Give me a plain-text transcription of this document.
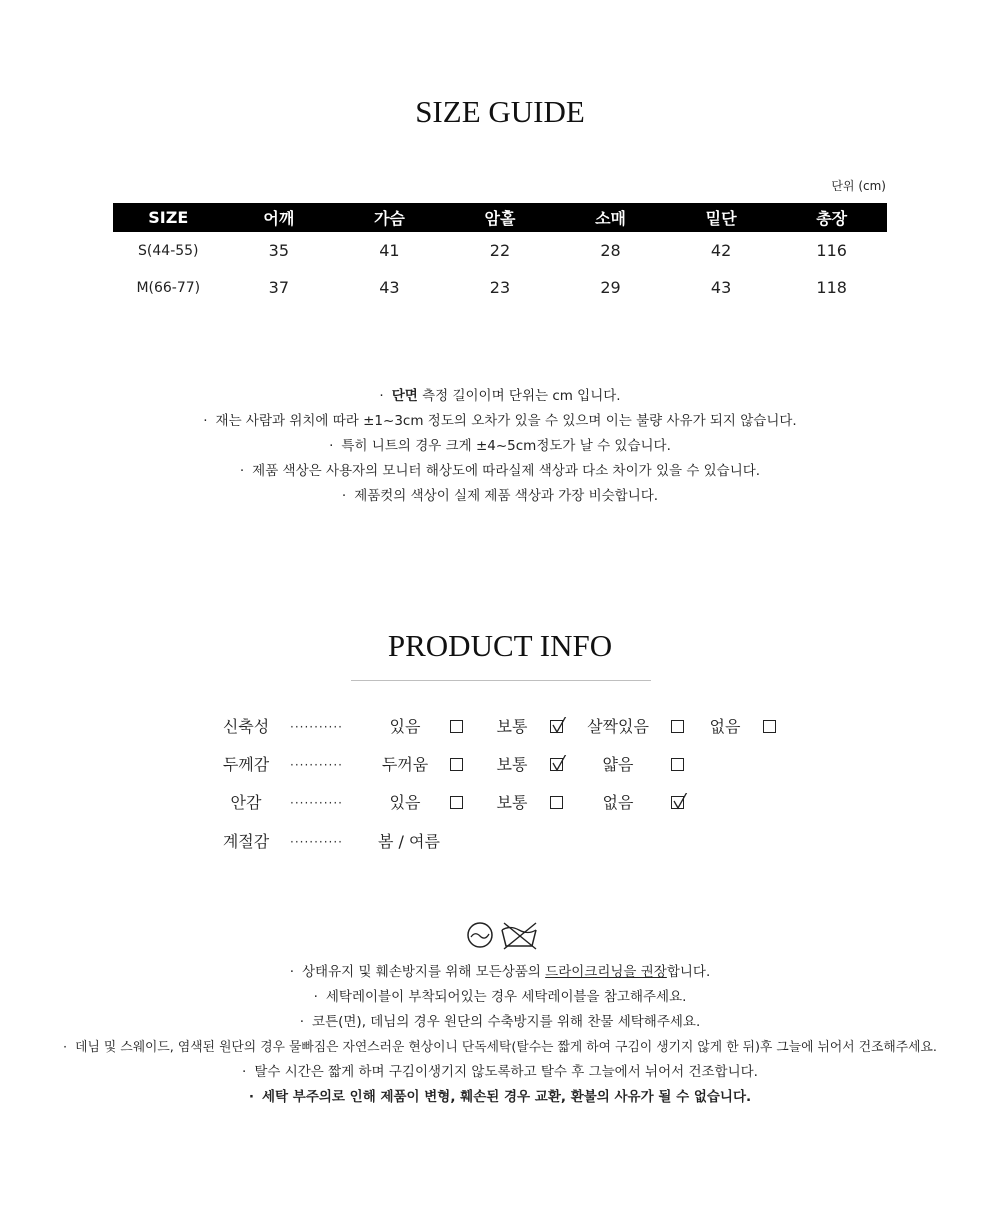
SIZE GUIDE
단위 (cm)
SIZE	어깨	가슴	암홀	소매	밑단	총장
S(44-55)	35	41	22	28	42	116
M(66-77)	37	43	23	29	43	118
· 단면 측정 길이이며 단위는 cm 입니다.
· 재는 사람과 위치에 따라 ±1~3cm 정도의 오차가 있을 수 있으며 이는 불량 사유가 되지 않습니다.
· 특히 니트의 경우 크게 ±4~5cm정도가 날 수 있습니다.
· 제품 색상은 사용자의 모니터 해상도에 따라실제 색상과 다소 차이가 있을 수 있습니다.
· 제품컷의 색상이 실제 제품 색상과 가장 비슷합니다.
PRODUCT INFO
신축성	···········	있음	보통	살짝있음	없음
두께감	··········· 두꺼움	보통	얇음
안감	···········	있음	보통	없음
계절감	··········· 봄 / 여름
· 상태유지 및 훼손방지를 위해 모든상품의 드라이크리닝을 권장합니다.
· 세탁레이블이 부착되어있는 경우 세탁레이블을 참고해주세요.
· 코튼(면), 데님의 경우 원단의 수축방지를 위해 찬물 세탁해주세요.
· 데님 및 스웨이드, 염색된 원단의 경우 물빠짐은 자연스러운 현상이니 단독세탁(탈수는 짧게 하여 구김이 생기지 않게 한 뒤)후 그늘에 뉘어서 건조해주세요.
· 탈수 시간은 짧게 하며 구김이생기지 않도록하고 탈수 후 그늘에서 뉘어서 건조합니다.
· 세탁 부주의로 인해 제품이 변형, 훼손된 경우 교환, 환불의 사유가 될 수 없습니다.
